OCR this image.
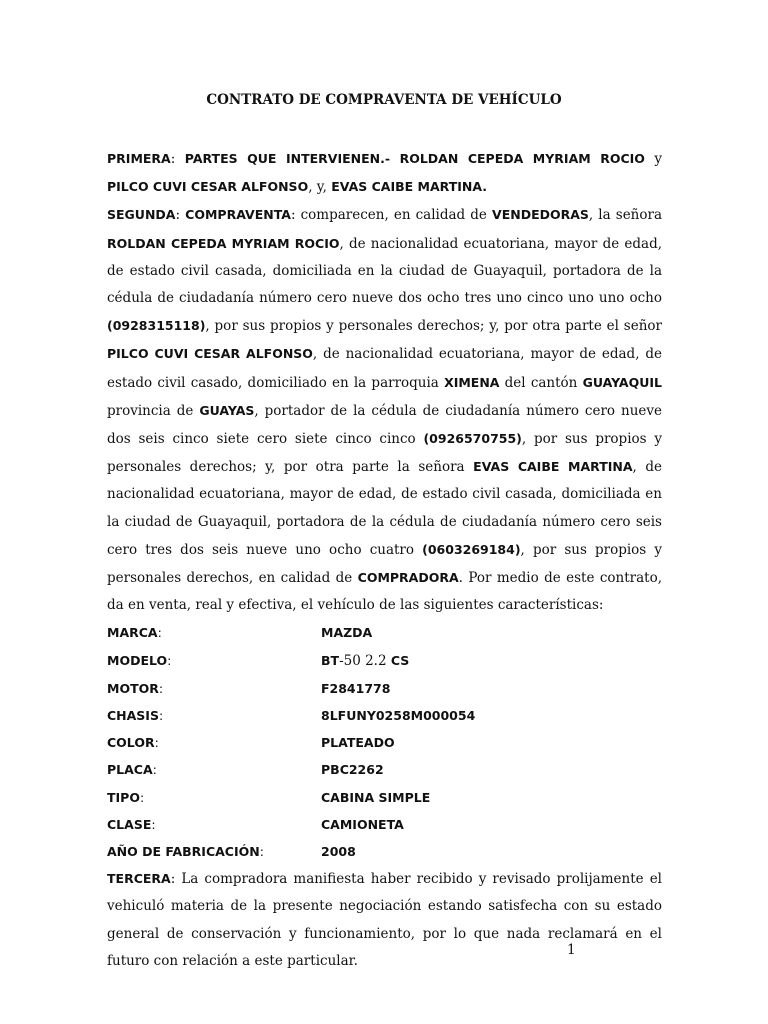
CONTRATO DE COMPRAVENTA DE VEHÍCULO

PRIMERA: PARTES QUE INTERVIENEN.- ROLDAN CEPEDA MYRIAM ROCIO y PILCO CUVI CESAR ALFONSO, y, EVAS CAIBE MARTINA.

SEGUNDA: COMPRAVENTA: comparecen, en calidad de VENDEDORAS, la señora ROLDAN CEPEDA MYRIAM ROCIO, de nacionalidad ecuatoriana, mayor de edad, de estado civil casada, domiciliada en la ciudad de Guayaquil, portadora de la cédula de ciudadanía número cero nueve dos ocho tres uno cinco uno uno ocho (0928315118), por sus propios y personales derechos; y, por otra parte el señor PILCO CUVI CESAR ALFONSO, de nacionalidad ecuatoriana, mayor de edad, de estado civil casado, domiciliado en la parroquia XIMENA del cantón GUAYAQUIL provincia de GUAYAS, portador de la cédula de ciudadanía número cero nueve dos seis cinco siete cero siete cinco cinco (0926570755), por sus propios y personales derechos; y, por otra parte la señora EVAS CAIBE MARTINA, de nacionalidad ecuatoriana, mayor de edad, de estado civil casada, domiciliada en la ciudad de Guayaquil, portadora de la cédula de ciudadanía número cero seis cero tres dos seis nueve uno ocho cuatro (0603269184), por sus propios y personales derechos, en calidad de COMPRADORA. Por medio de este contrato, da en venta, real y efectiva, el vehículo de las siguientes características:

MARCA:	MAZDA
MODELO:	BT-50 2.2 CS
MOTOR:	F2841778
CHASIS:	8LFUNY0258M000054
COLOR:	PLATEADO
PLACA:	PBC2262
TIPO:	CABINA SIMPLE
CLASE:	CAMIONETA
AÑO DE FABRICACIÓN:	2008

TERCERA: La compradora manifiesta haber recibido y revisado prolijamente el vehiculó materia de la presente negociación estando satisfecha con su estado general de conservación y funcionamiento, por lo que nada reclamará en el futuro con relación a este particular.

1
